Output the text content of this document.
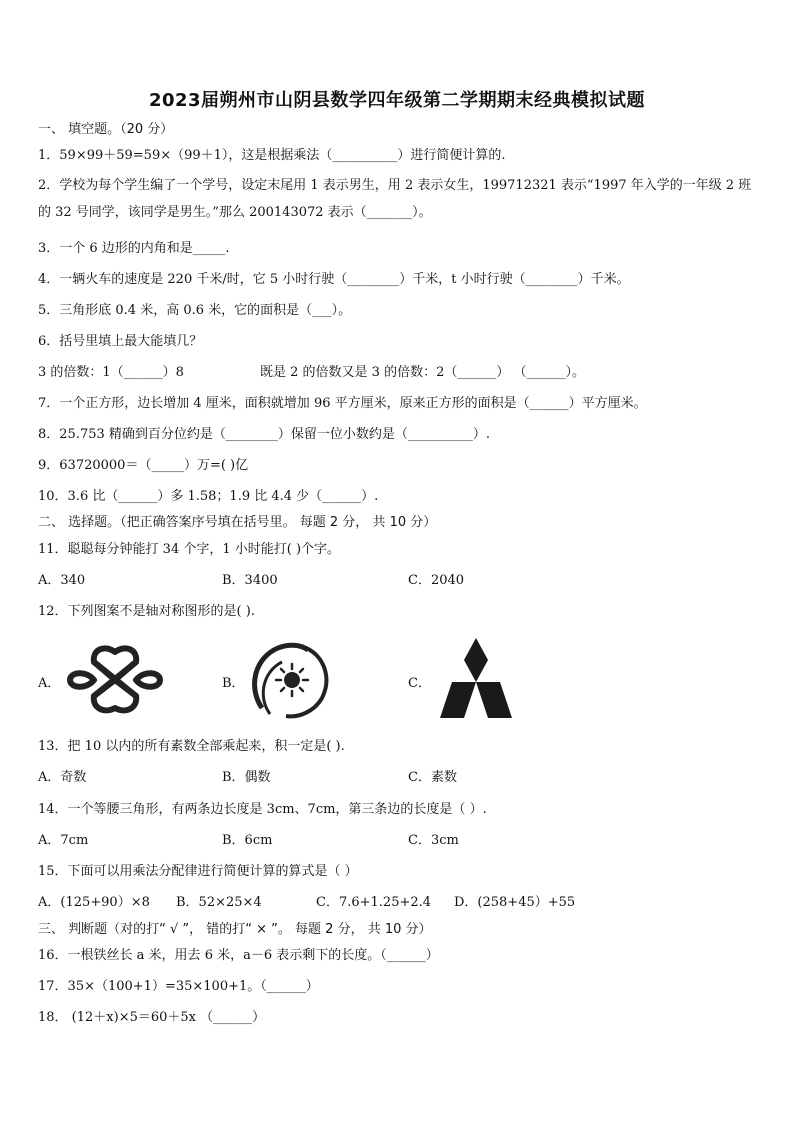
2023届朔州市山阴县数学四年级第二学期期末经典模拟试题
一、 填空题。（20 分）
1．59×99＋59=59×（99＋1），这是根据乘法（__________）进行简便计算的.
2．学校为每个学生编了一个学号，设定末尾用 1 表示男生，用 2 表示女生，199712321 表示“1997 年入学的一年级 2 班的 32 号同学，该同学是男生。”那么 200143072 表示（_______）。
3．一个 6 边形的内角和是_____.
4．一辆火车的速度是 220 千米/时，它 5 小时行驶（________）千米，t 小时行驶（________）千米。
5．三角形底 0.4 米，高 0.6 米，它的面积是（___）。
6．括号里填上最大能填几？
3 的倍数：1（______）8	既是 2 的倍数又是 3 的倍数：2（______） （______）。
7．一个正方形，边长增加 4 厘米，面积就增加 96 平方厘米，原来正方形的面积是（______）平方厘米。
8．25.753 精确到百分位约是（________）保留一位小数约是（__________）.
9．63720000＝（_____）万=( )亿
10．3.6 比（______）多 1.58；1.9 比 4.4 少（______）.
二、 选择题。（把正确答案序号填在括号里。 每题 2 分， 共 10 分）
11．聪聪每分钟能打 34 个字，1 小时能打( )个字。
A．340	B．3400	C．2040
12．下列图案不是轴对称图形的是( ).
A．	B．	C．
13．把 10 以内的所有素数全部乘起来，积一定是( ).
A．奇数	B．偶数	C．素数
14．一个等腰三角形，有两条边长度是 3cm、7cm，第三条边的长度是（ ）.
A．7cm	B．6cm	C．3cm
15．下面可以用乘法分配律进行简便计算的算式是（ ）
A．(125+90）×8 B．52×25×4	C．7.6+1.25+2.4 D．(258+45）+55
三、 判断题（对的打“ √ ”， 错的打“ × ”。 每题 2 分， 共 10 分）
16．一根铁丝长 a 米，用去 6 米，a－6 表示剩下的长度。（______）
17．35×（100+1）=35×100+1。（______）
18． (12＋x)×5＝60＋5x （______）
